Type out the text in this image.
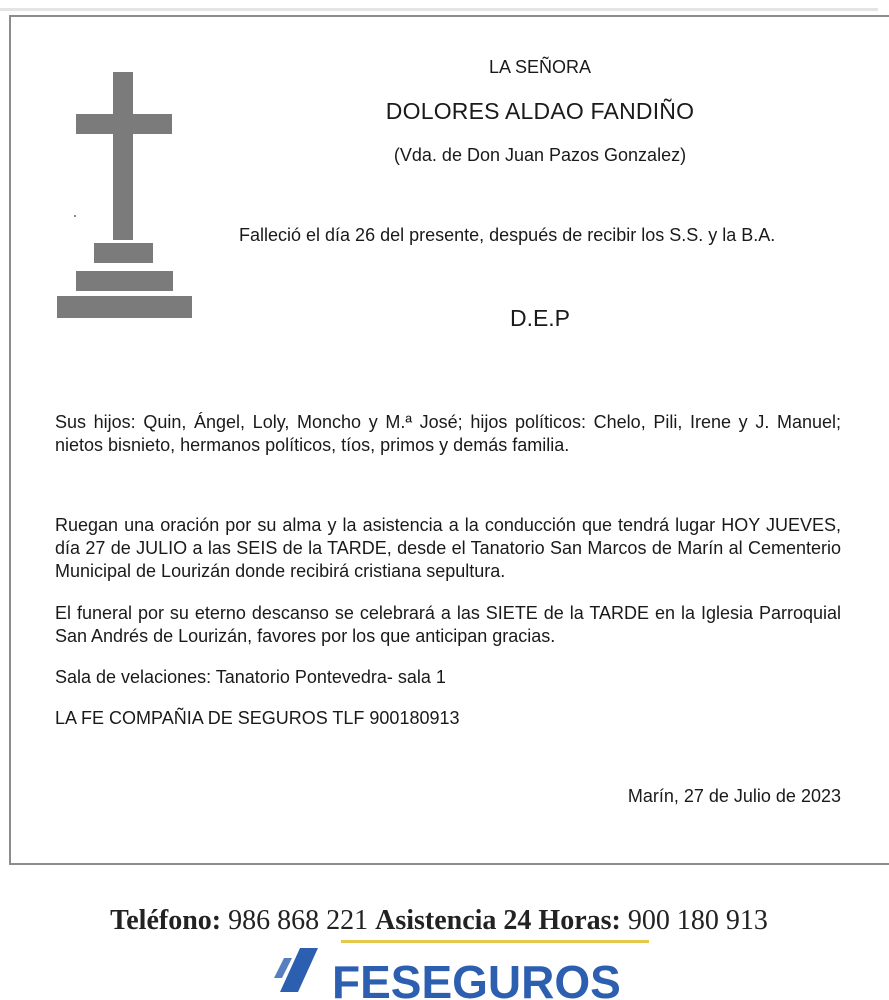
LA SEÑORA
DOLORES ALDAO FANDIÑO
(Vda. de Don Juan Pazos Gonzalez)
Falleció el día 26 del presente, después de recibir los S.S. y la B.A.
D.E.P
Sus hijos: Quin, Ángel, Loly, Moncho y M.ª José; hijos políticos: Chelo, Pili, Irene y J. Manuel; nietos bisnieto, hermanos políticos, tíos, primos y demás familia.
Ruegan una oración por su alma y la asistencia a la conducción que tendrá lugar HOY JUEVES, día 27 de JULIO a las SEIS de la TARDE, desde el Tanatorio San Marcos de Marín al Cementerio Municipal de Lourizán donde recibirá cristiana sepultura.
El funeral por su eterno descanso se celebrará a las SIETE de la TARDE en la Iglesia Parroquial San Andrés de Lourizán, favores por los que anticipan gracias.
Sala de velaciones: Tanatorio Pontevedra- sala 1
LA FE COMPAÑIA DE SEGUROS TLF 900180913
Marín, 27 de Julio de 2023
Teléfono: 986 868 221 Asistencia 24 Horas: 900 180 913
FESEGUROS
